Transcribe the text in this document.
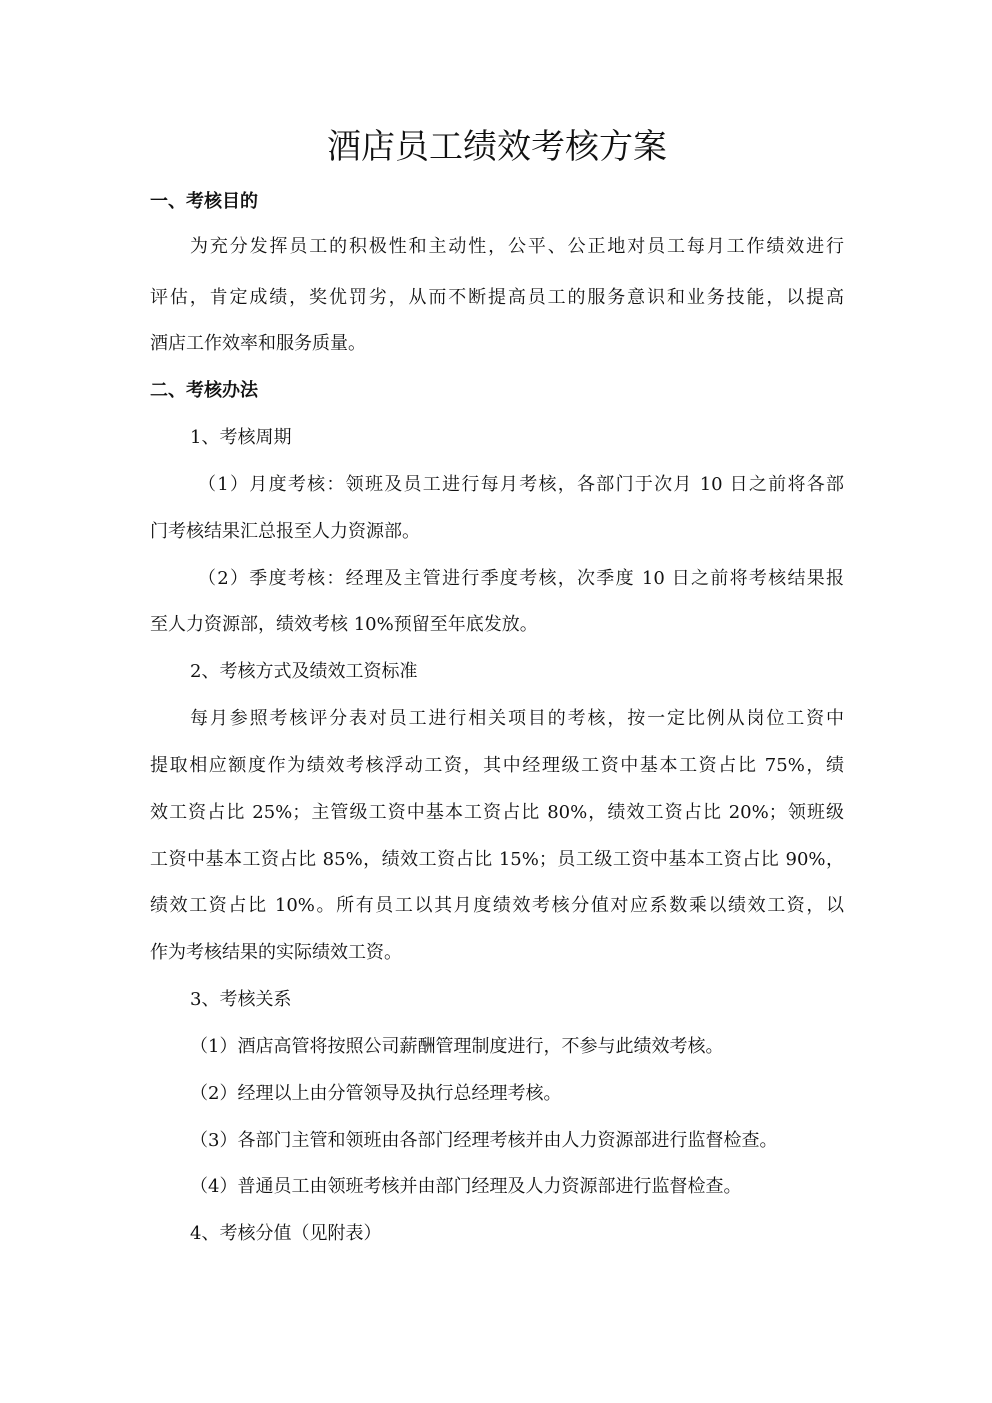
酒店员工绩效考核方案

一、考核目的

为充分发挥员工的积极性和主动性，公平、公正地对员工每月工作绩效进行

评估，肯定成绩，奖优罚劣，从而不断提高员工的服务意识和业务技能，以提高

酒店工作效率和服务质量。

二、考核办法

1、考核周期

（1）月度考核：领班及员工进行每月考核，各部门于次月 10 日之前将各部

门考核结果汇总报至人力资源部。

（2）季度考核：经理及主管进行季度考核，次季度 10 日之前将考核结果报

至人力资源部，绩效考核 10%预留至年底发放。

2、考核方式及绩效工资标准

每月参照考核评分表对员工进行相关项目的考核，按一定比例从岗位工资中

提取相应额度作为绩效考核浮动工资，其中经理级工资中基本工资占比 75%，绩

效工资占比 25%；主管级工资中基本工资占比 80%，绩效工资占比 20%；领班级

工资中基本工资占比 85%，绩效工资占比 15%；员工级工资中基本工资占比 90%，

绩效工资占比 10%。所有员工以其月度绩效考核分值对应系数乘以绩效工资，以

作为考核结果的实际绩效工资。

3、考核关系

（1）酒店高管将按照公司薪酬管理制度进行，不参与此绩效考核。

（2）经理以上由分管领导及执行总经理考核。

（3）各部门主管和领班由各部门经理考核并由人力资源部进行监督检查。

（4）普通员工由领班考核并由部门经理及人力资源部进行监督检查。

4、考核分值（见附表）
